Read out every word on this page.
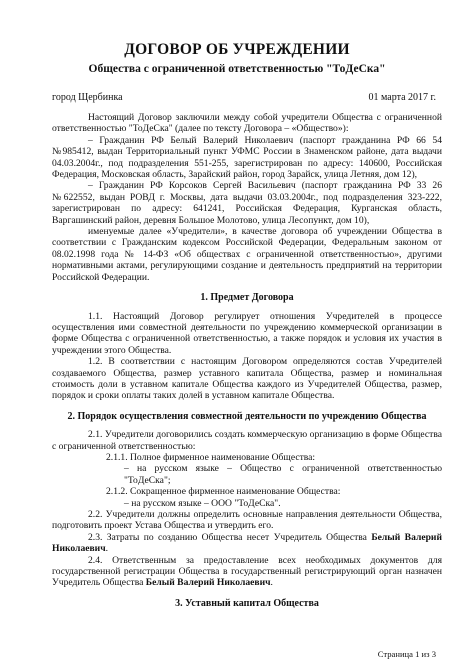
ДОГОВОР ОБ УЧРЕЖДЕНИИ
Общества с ограниченной ответственностью "ТоДеСка"
город Щербинка	01 марта 2017 г.

Настоящий Договор заключили между собой учредители Общества с ограниченной ответственностью "ТоДеСка" (далее по тексту Договора – «Общество»):

– Гражданин РФ Белый Валерий Николаевич (паспорт гражданина РФ 66 54 №985412, выдан Территориальный пункт УФМС России в Знаменском районе, дата выдачи 04.03.2004г., под подразделения 551-255, зарегистрирован по адресу: 140600, Российская Федерация, Московская область, Зарайский район, город Зарайск, улица Летняя, дом 12),

– Гражданин РФ Корсоков Сергей Васильевич (паспорт гражданина РФ 33 26 №622552, выдан РОВД г. Москвы, дата выдачи 03.03.2004г., под подразделения 323-222, зарегистрирован по адресу: 641241, Российская Федерация, Курганская область, Варгашинский район, деревня Большое Молотово, улица Лесопункт, дом 10),

именуемые далее «Учредители», в качестве договора об учреждении Общества в соответствии с Гражданским кодексом Российской Федерации, Федеральным законом от 08.02.1998 года № 14-ФЗ «Об обществах с ограниченной ответственностью», другими нормативными актами, регулирующими создание и деятельность предприятий на территории Российской Федерации.

1. Предмет Договора

1.1. Настоящий Договор регулирует отношения Учредителей в процессе осуществления ими совместной деятельности по учреждению коммерческой организации в форме Общества с ограниченной ответственностью, а также порядок и условия их участия в учреждении этого Общества.

1.2. В соответствии с настоящим Договором определяются состав Учредителей создаваемого Общества, размер уставного капитала Общества, размер и номинальная стоимость доли в уставном капитале Общества каждого из Учредителей Общества, размер, порядок и сроки оплаты таких долей в уставном капитале Общества.

2. Порядок осуществления совместной деятельности по учреждению Общества

2.1. Учредители договорились создать коммерческую организацию в форме Общества с ограниченной ответственностью:

2.1.1. Полное фирменное наименование Общества:

– на русском языке – Общество с ограниченной ответственностью "ТоДеСка";

2.1.2. Сокращенное фирменное наименование Общества:

– на русском языке – ООО "ТоДеСка".

2.2. Учредители должны определить основные направления деятельности Общества, подготовить проект Устава Общества и утвердить его.

2.3. Затраты по созданию Общества несет Учредитель Общества Белый Валерий Николаевич.

2.4. Ответственным за предоставление всех необходимых документов для государственной регистрации Общества в государственный регистрирующий орган назначен Учредитель Общества Белый Валерий Николаевич.

3. Уставный капитал Общества

Страница 1 из 3
